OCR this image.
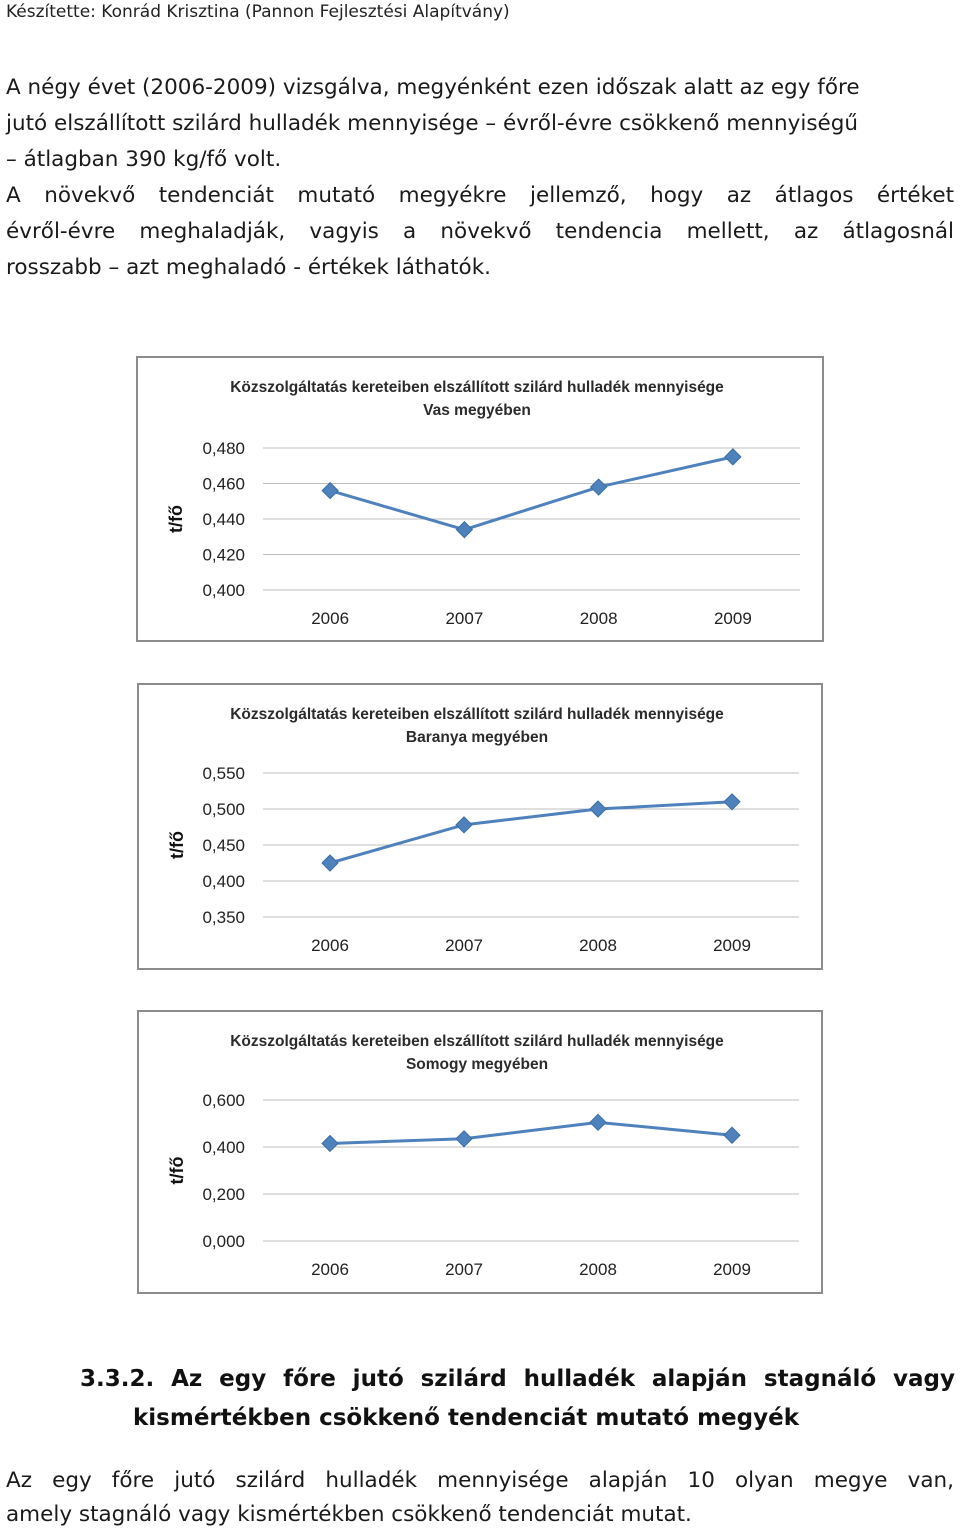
Készítette: Konrád Krisztina (Pannon Fejlesztési Alapítvány)
A négy évet (2006-2009) vizsgálva, megyénként ezen időszak alatt az egy főre
jutó elszállított szilárd hulladék mennyisége – évről-évre csökkenő mennyiségű
– átlagban 390 kg/fő volt.
A növekvő tendenciát mutató megyékre jellemző, hogy az átlagos értéket
évről-évre meghaladják, vagyis a növekvő tendencia mellett, az átlagosnál
rosszabb – azt meghaladó - értékek láthatók.
Közszolgáltatás kereteiben elszállított szilárd hulladék mennyisége
Vas megyében
0,400
0,420
0,440
0,460
0,480
t/fő
2006	2007	2008	2009
Közszolgáltatás kereteiben elszállított szilárd hulladék mennyisége
Baranya megyében
0,350
0,400
0,450
0,500
0,550
t/fő
2006	2007	2008	2009
Közszolgáltatás kereteiben elszállított szilárd hulladék mennyisége
Somogy megyében
0,000
0,200
0,400
0,600
t/fő
2006	2007	2008	2009
3.3.2. Az egy főre jutó szilárd hulladék alapján stagnáló vagy
kismértékben csökkenő tendenciát mutató megyék
Az egy főre jutó szilárd hulladék mennyisége alapján 10 olyan megye van,
amely stagnáló vagy kismértékben csökkenő tendenciát mutat.
